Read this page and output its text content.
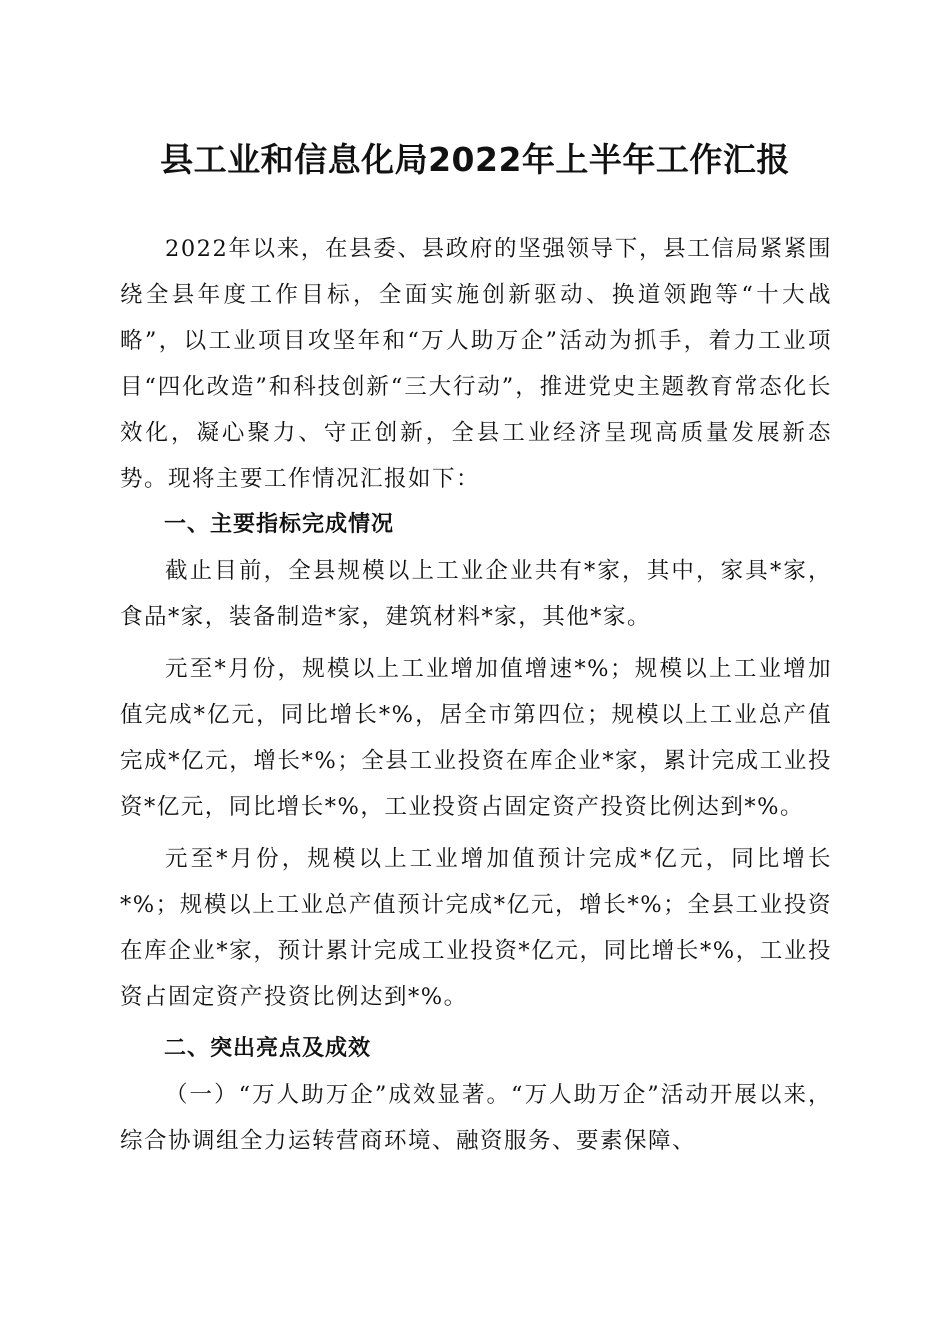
县工业和信息化局2022年上半年工作汇报

2022年以来，在县委、县政府的坚强领导下，县工信局紧紧围绕全县年度工作目标，全面实施创新驱动、换道领跑等“十大战略”，以工业项目攻坚年和“万人助万企”活动为抓手，着力工业项目“四化改造”和科技创新“三大行动”，推进党史主题教育常态化长效化，凝心聚力、守正创新，全县工业经济呈现高质量发展新态势。现将主要工作情况汇报如下：

一、主要指标完成情况

截止目前，全县规模以上工业企业共有*家，其中，家具*家，食品*家，装备制造*家，建筑材料*家，其他*家。

元至*月份，规模以上工业增加值增速*%；规模以上工业增加值完成*亿元，同比增长*%，居全市第四位；规模以上工业总产值完成*亿元，增长*%；全县工业投资在库企业*家，累计完成工业投资*亿元，同比增长*%，工业投资占固定资产投资比例达到*%。

元至*月份，规模以上工业增加值预计完成*亿元，同比增长*%；规模以上工业总产值预计完成*亿元，增长*%；全县工业投资在库企业*家，预计累计完成工业投资*亿元，同比增长*%，工业投资占固定资产投资比例达到*%。

二、突出亮点及成效

（一）“万人助万企”成效显著。“万人助万企”活动开展以来，综合协调组全力运转营商环境、融资服务、要素保障、
